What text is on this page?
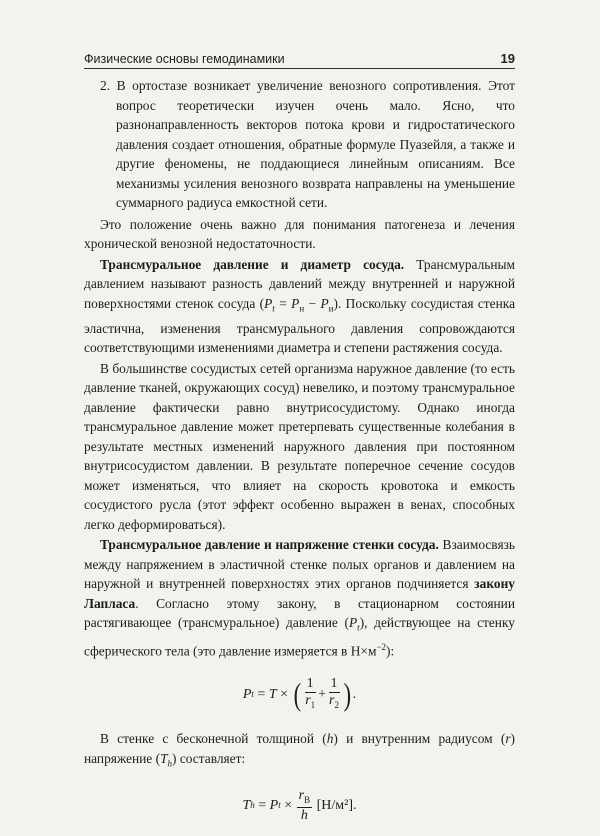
Физические основы гемодинамики	19
2. В ортостазе возникает увеличение венозного сопротивления. Этот вопрос теоретически изучен очень мало. Ясно, что разнонаправленность векторов потока крови и гидростатического давления создает отношения, обратные формуле Пуазейля, а также и другие феномены, не поддающиеся линейным описаниям. Все механизмы усиления венозного возврата направлены на уменьшение суммарного радиуса емкостной сети.

Это положение очень важно для понимания патогенеза и лечения хронической венозной недостаточности.

Трансмуральное давление и диаметр сосуда. Трансмуральным давлением называют разность давлений между внутренней и наружной поверхностями стенок сосуда $(P_t = P_н - P_и)$. Поскольку сосудистая стенка эластична, изменения трансмурального давления сопровождаются соответствующими изменениями диаметра и степени растяжения сосуда.

В большинстве сосудистых сетей организма наружное давление (то есть давление тканей, окружающих сосуд) невелико, и поэтому трансмуральное давление фактически равно внутрисосудистому. Однако иногда трансмуральное давление может претерпевать существенные колебания в результате местных изменений наружного давления при постоянном внутрисосудистом давлении. В результате поперечное сечение сосудов может изменяться, что влияет на скорость кровотока и емкость сосудистого русла (этот эффект особенно выражен в венах, способных легко деформироваться).

Трансмуральное давление и напряжение стенки сосуда. Взаимосвязь между напряжением в эластичной стенке полых органов и давлением на наружной и внутренней поверхностях этих органов подчиняется закону Лапласа. Согласно этому закону, в стационарном состоянии растягивающее (трансмуральное) давление $(P_t)$, действующее на стенку сферического тела (это давление измеряется в $Н\times м^{-2}$):

P t = T × ( $\frac{1}{r_1} + \frac{1}{r_2}$ ) .

В стенке с бесконечной толщиной (h) и внутренним радиусом (r) напряжение $(T_h)$ составляет:

T h = P $t \times \frac{r_B}{h} [Н/м^2]$.
